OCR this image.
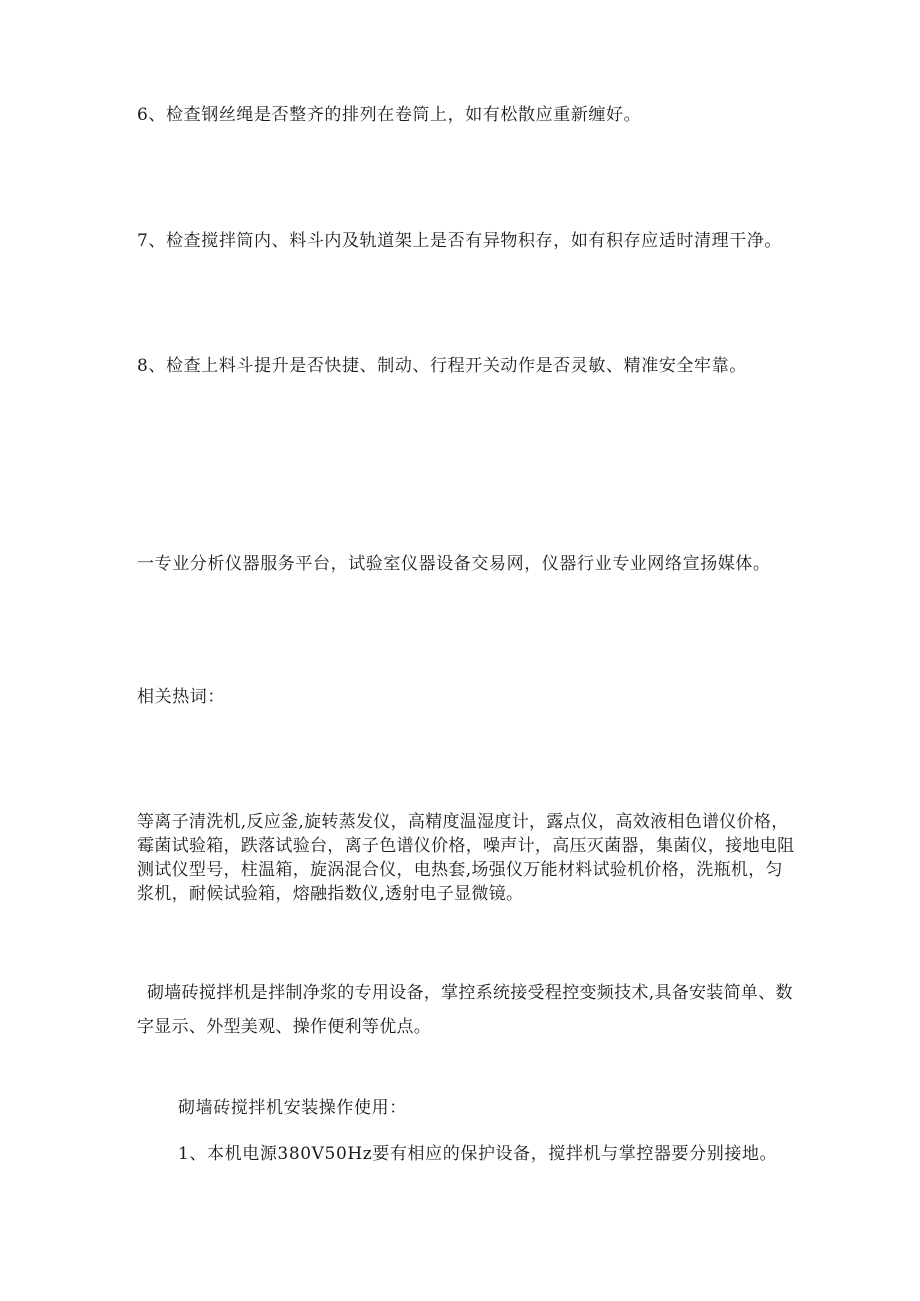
6、检查钢丝绳是否整齐的排列在卷筒上，如有松散应重新缠好。
7、检查搅拌筒内、料斗内及轨道架上是否有异物积存，如有积存应适时清理干净。
8、检查上料斗提升是否快捷、制动、行程开关动作是否灵敏、精准安全牢靠。
一专业分析仪器服务平台，试验室仪器设备交易网，仪器行业专业网络宣扬媒体。
相关热词：
等离子清洗机,反应釜,旋转蒸发仪，高精度温湿度计，露点仪，高效液相色谱仪价格，霉菌试验箱，跌落试验台，离子色谱仪价格，噪声计，高压灭菌器，集菌仪，接地电阻测试仪型号，柱温箱，旋涡混合仪，电热套,场强仪万能材料试验机价格，洗瓶机，匀浆机，耐候试验箱，熔融指数仪,透射电子显微镜。
砌墙砖搅拌机是拌制净浆的专用设备，掌控系统接受程控变频技术,具备安装简单、数字显示、外型美观、操作便利等优点。
砌墙砖搅拌机安装操作使用：
1、本机电源380V50Hz要有相应的保护设备，搅拌机与掌控器要分别接地。
